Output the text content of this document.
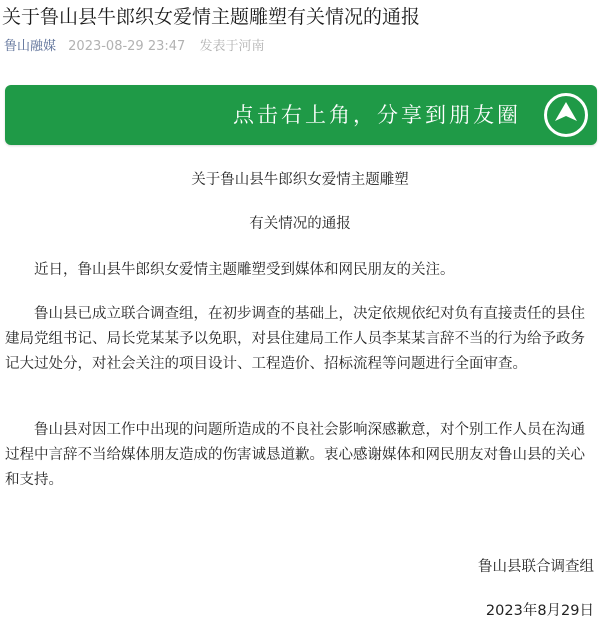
关于鲁山县牛郎织女爱情主题雕塑有关情况的通报
鲁山融媒 2023-08-29 23:47 发表于河南
点击右上角，分享到朋友圈
关于鲁山县牛郎织女爱情主题雕塑
有关情况的通报
近日，鲁山县牛郎织女爱情主题雕塑受到媒体和网民朋友的关注。
鲁山县已成立联合调查组，在初步调查的基础上，决定依规依纪对负有直接责任的县住建局党组书记、局长党某某予以免职，对县住建局工作人员李某某言辞不当的行为给予政务记大过处分，对社会关注的项目设计、工程造价、招标流程等问题进行全面审查。
鲁山县对因工作中出现的问题所造成的不良社会影响深感歉意，对个别工作人员在沟通过程中言辞不当给媒体朋友造成的伤害诚恳道歉。衷心感谢媒体和网民朋友对鲁山县的关心和支持。
鲁山县联合调查组
2023年8月29日
